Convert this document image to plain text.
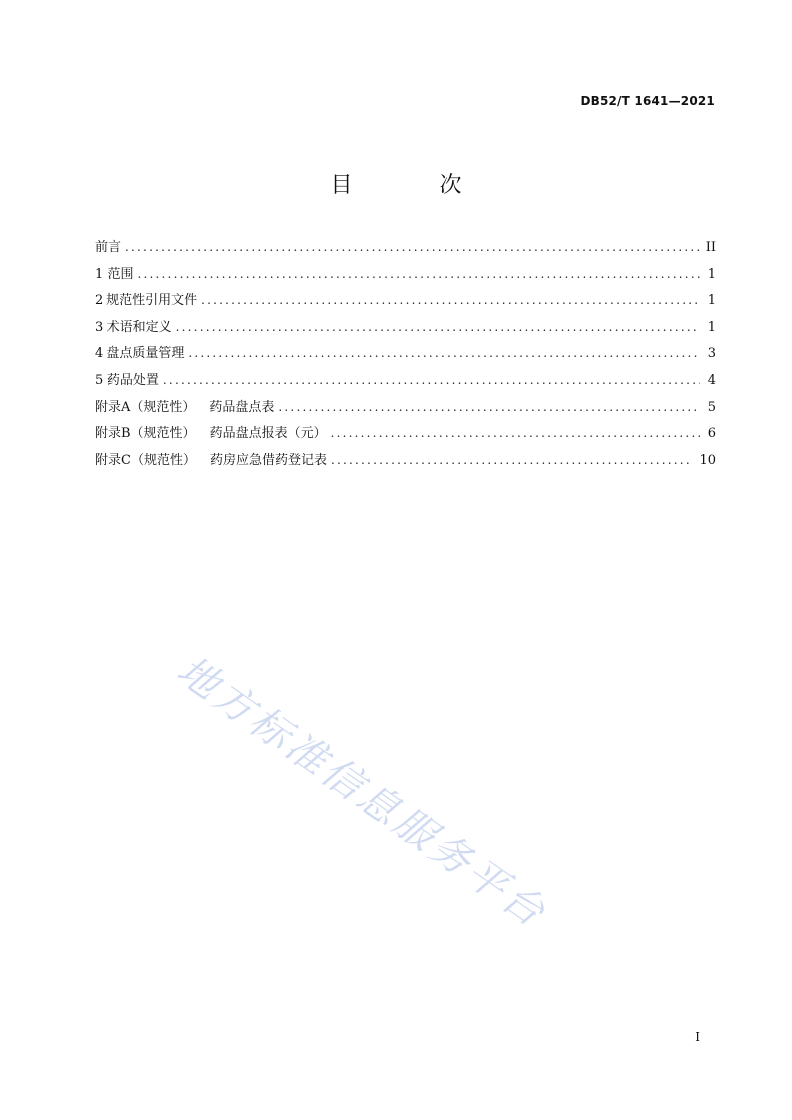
DB52/T 1641—2021
目 次
前言 .....	II
1 范围 .....	1
2 规范性引用文件 .....	1
3 术语和定义 .....	1
4 盘点质量管理 .....	3
5 药品处置 .....	4
附录A（规范性） 药品盘点表 .....	5
附录B（规范性） 药品盘点报表（元） .....	6
附录C（规范性） 药房应急借药登记表 .....	10
地方标准信息服务平台
I
